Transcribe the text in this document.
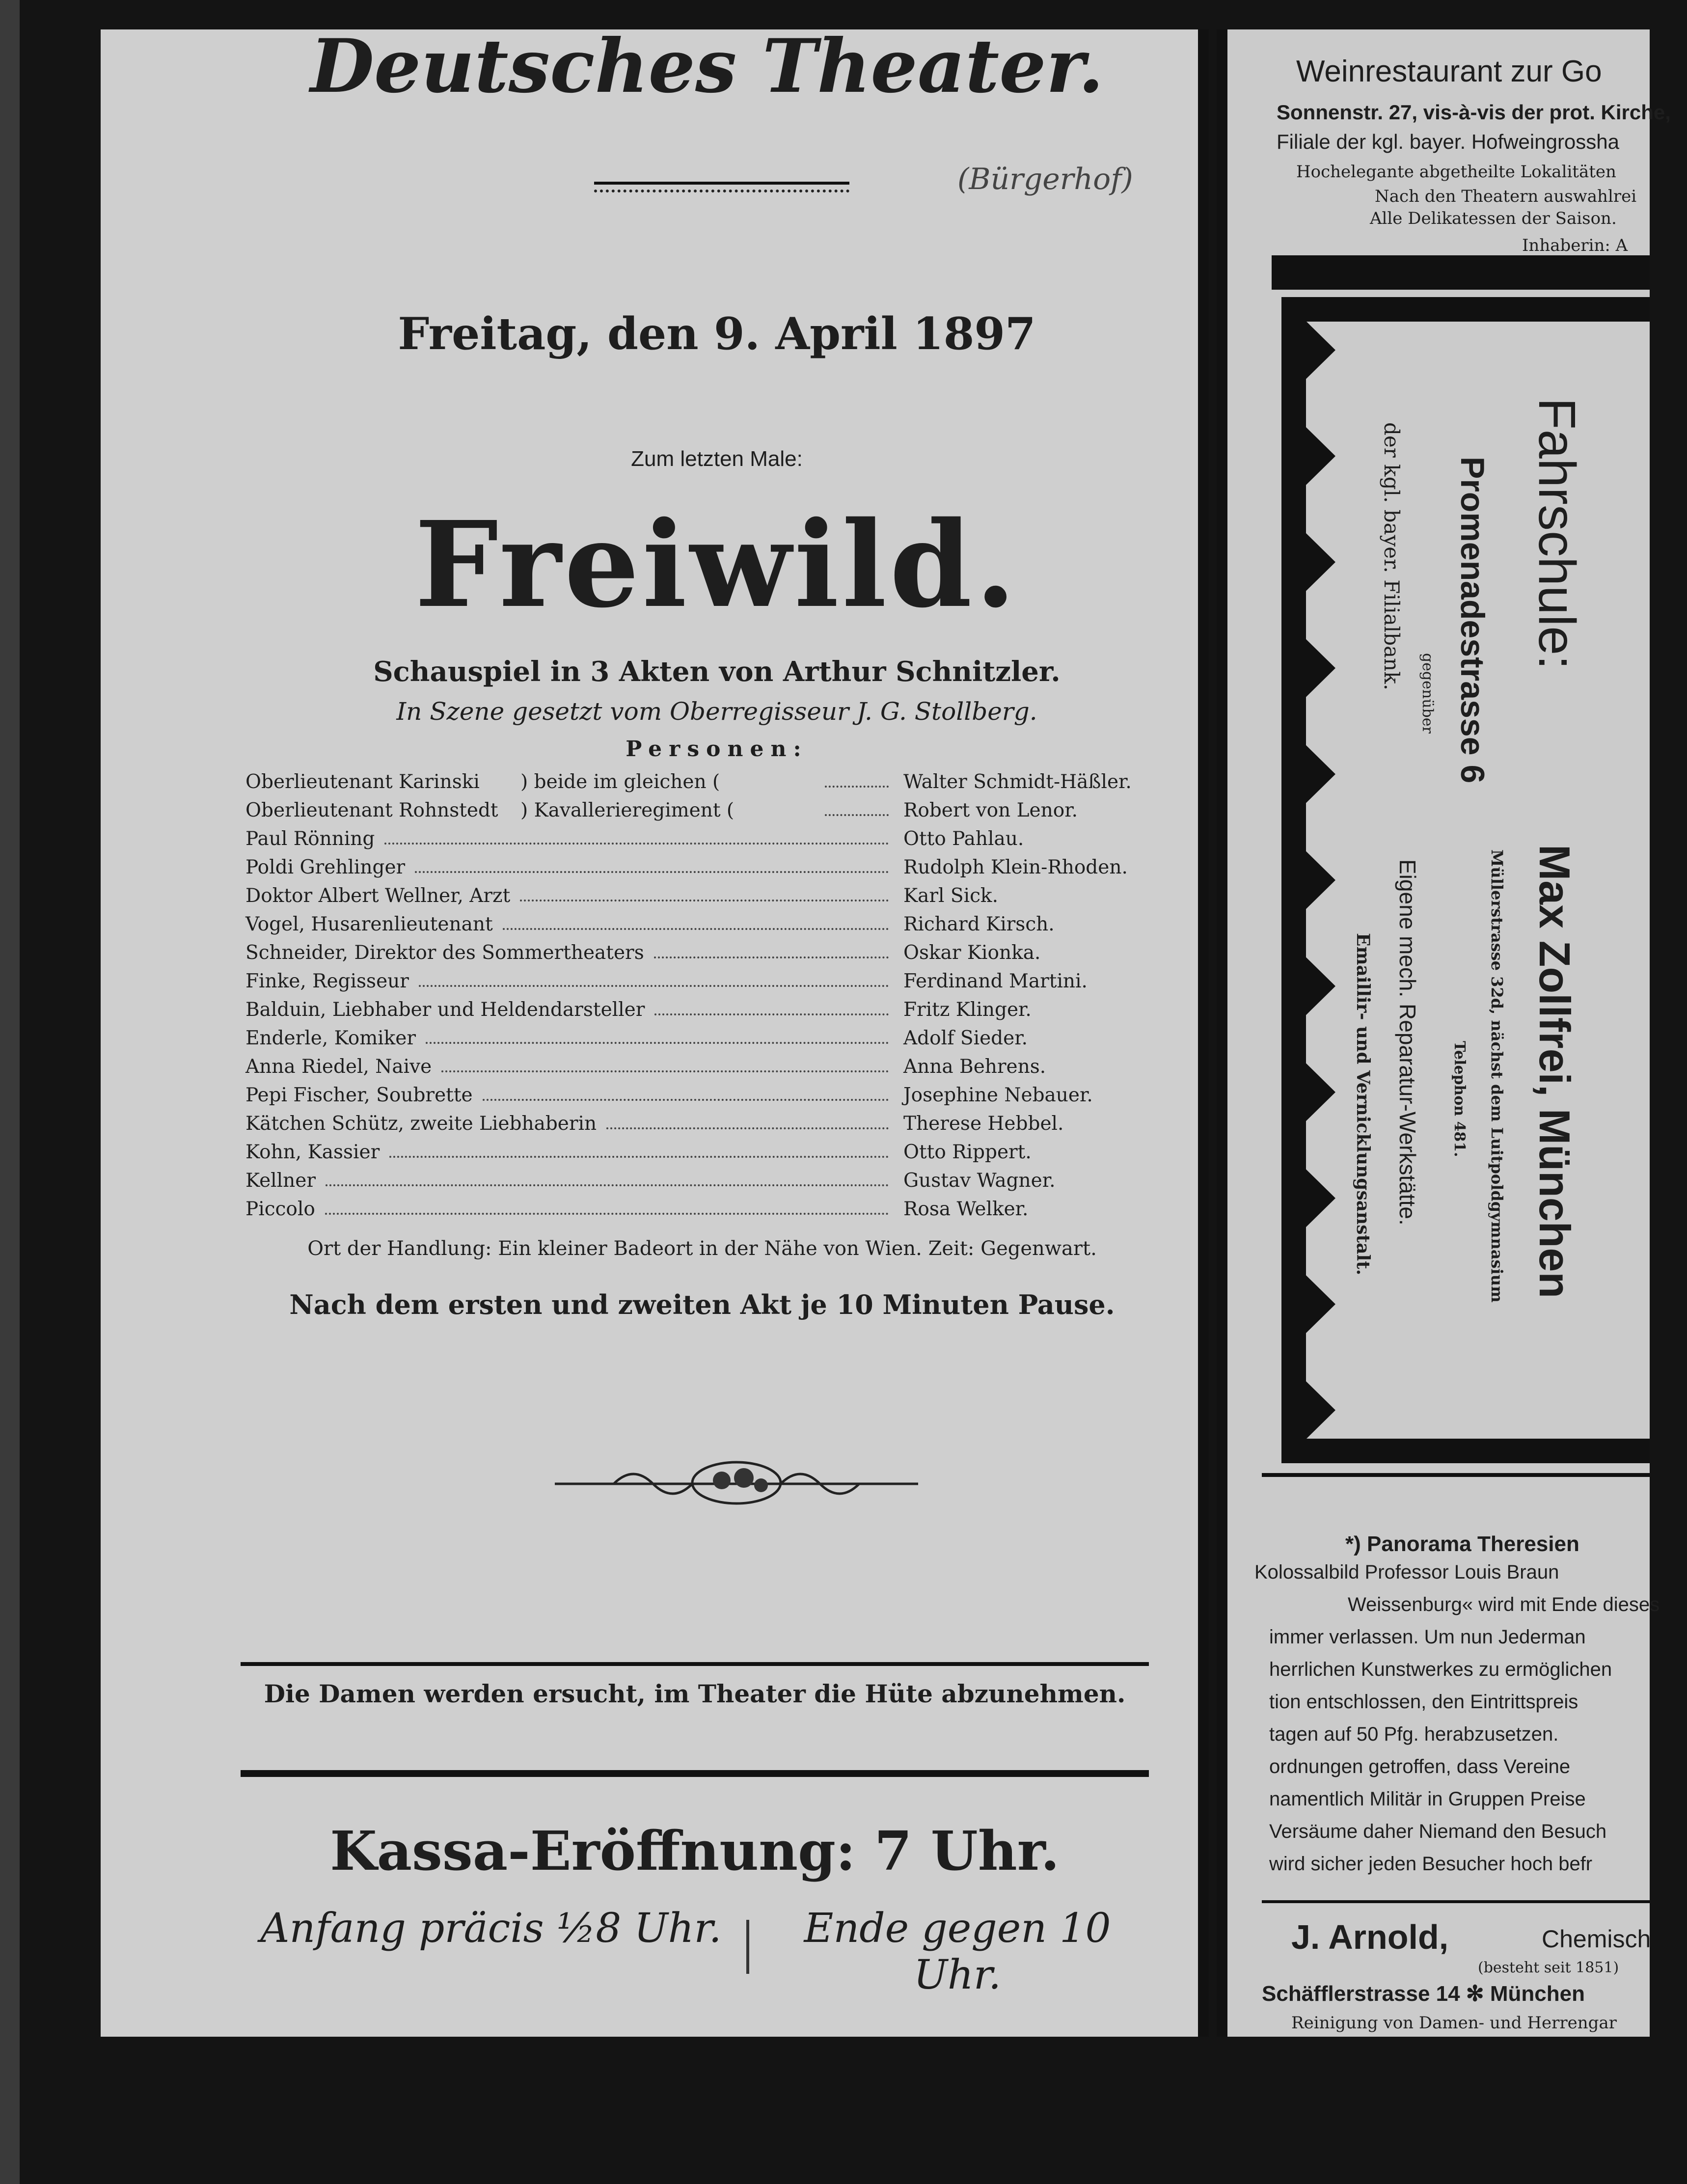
Deutsches Theater.
(Bürgerhof)
Freitag, den 9. April 1897
Zum letzten Male:
Freiwild.
Schauspiel in 3 Akten von Arthur Schnitzler.
In Szene gesetzt vom Oberregisseur J. G. Stollberg.
Personen:
Oberlieutenant Karinski ) beide im gleichen (	Walter Schmidt-Häßler.
Oberlieutenant Rohnstedt ) Kavallerieregiment (	Robert von Lenor.
Paul Rönning	Otto Pahlau.
Poldi Grehlinger	Rudolph Klein-Rhoden.
Doktor Albert Wellner, Arzt	Karl Sick.
Vogel, Husarenlieutenant	Richard Kirsch.
Schneider, Direktor des Sommertheaters	Oskar Kionka.
Finke, Regisseur	Ferdinand Martini.
Balduin, Liebhaber und Heldendarsteller	Fritz Klinger.
Enderle, Komiker	Adolf Sieder.
Anna Riedel, Naive	Anna Behrens.
Pepi Fischer, Soubrette	Josephine Nebauer.
Kätchen Schütz, zweite Liebhaberin	Therese Hebbel.
Kohn, Kassier	Otto Rippert.
Kellner	Gustav Wagner.
Piccolo	Rosa Welker.
Ort der Handlung: Ein kleiner Badeort in der Nähe von Wien. Zeit: Gegenwart.
Nach dem ersten und zweiten Akt je 10 Minuten Pause.
Die Damen werden ersucht, im Theater die Hüte abzunehmen.
Kassa-Eröffnung: 7 Uhr.
Anfang präcis ½8 Uhr.	Ende gegen 10 Uhr.
Weinrestaurant zur Go
Sonnenstr. 27, vis-à-vis der prot. Kirche,
Filiale der kgl. bayer. Hofweingrossha
Hochelegante abgetheilte Lokalitäten
Nach den Theatern auswahlrei
Alle Delikatessen der Saison.
Inhaberin: A
Fahrschule:
Promenadestrasse 6
gegenüber
der kgl. bayer. Filialbank.
Max Zollfrei, München
Müllerstrasse 32d, nächst dem Luitpoldgymnasium
Telephon 481.
Eigene mech. Reparatur-Werkstätte.
Emaillir- und Vernicklungsanstalt.
*) Panorama Theresien
Kolossalbild Professor Louis Braun
Weissenburg« wird mit Ende dieses
immer verlassen. Um nun Jederman
herrlichen Kunstwerkes zu ermöglichen
tion entschlossen, den Eintrittspreis
tagen auf 50 Pfg. herabzusetzen.
ordnungen getroffen, dass Vereine
namentlich Militär in Gruppen Preise
Versäume daher Niemand den Besuch
wird sicher jeden Besucher hoch befr
J. Arnold,	Chemisch
(besteht seit 1851)
Schäfflerstrasse 14 ✻ München
Reinigung von Damen- und Herrengar
